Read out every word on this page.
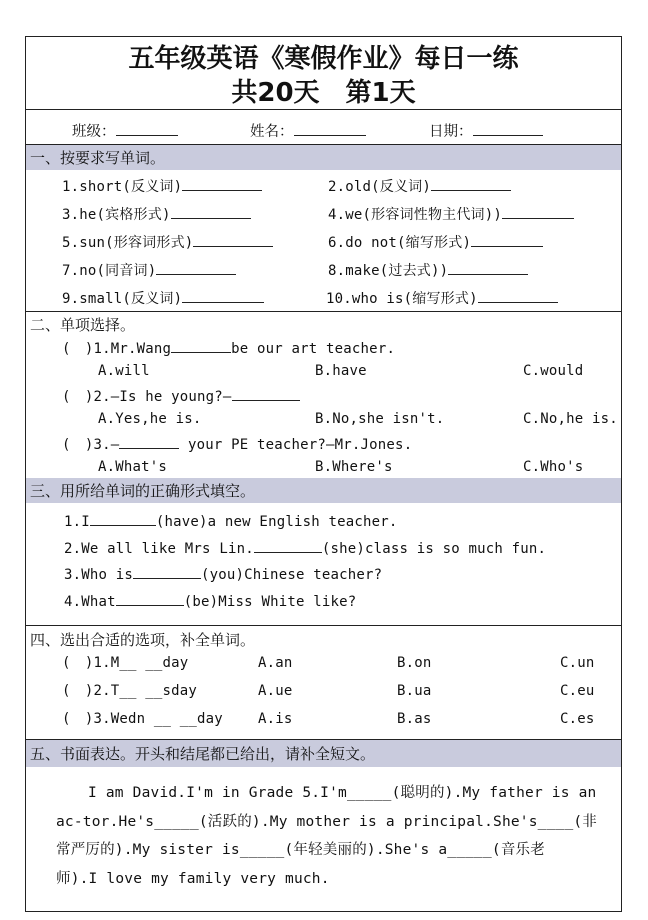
五年级英语《寒假作业》每日一练
共20天　第1天
班级：	姓名：	日期：
一、按要求写单词。
1.short(反义词)	2.old(反义词)
3.he(宾格形式)	4.we(形容词性物主代词))
5.sun(形容词形式)	6.do not(缩写形式)
7.no(同音词)	8.make(过去式))
9.small(反义词)	10.who is(缩写形式)
二、单项选择。
(　)1.Mr.Wang	be our art teacher.
A.will	B.have	C.would
(　)2.—Is he young?—
A.Yes,he is.	B.No,she isn't.	C.No,he is.
(　)3.—	your PE teacher?—Mr.Jones.
A.What's	B.Where's	C.Who's
三、用所给单词的正确形式填空。
1.I	(have)a new English teacher.
2.We all like Mrs Lin.	(she)class is so much fun.
3.Who is	(you)Chinese teacher?
4.What	(be)Miss White like?
四、选出合适的选项，补全单词。
(　)1.M__ __day	A.an	B.on	C.un
(　)2.T__ __sday	A.ue	B.ua	C.eu
(　)3.Wedn __ __day	A.is	B.as	C.es
五、书面表达。开头和结尾都已给出，请补全短文。
I am David.I'm in Grade 5.I'm_____(聪明的).My father is an
ac-tor.He's_____(活跃的).My mother is a principal.She's____(非
常严厉的).My sister is_____(年轻美丽的).She's a_____(音乐老
师).I love my family very much.
